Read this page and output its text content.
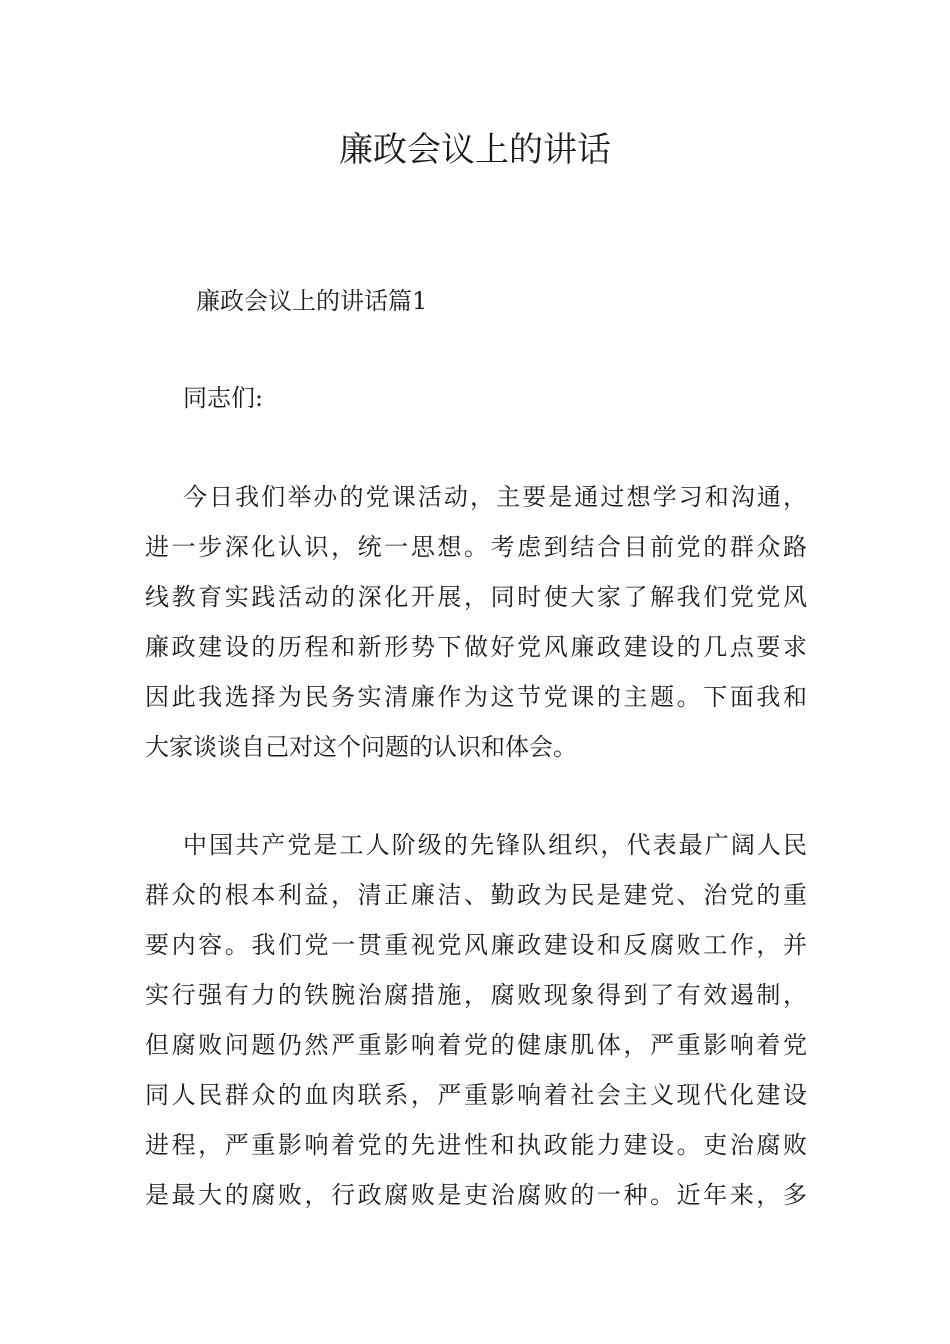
廉政会议上的讲话

廉政会议上的讲话篇1

同志们:

今日我们举办的党课活动，主要是通过想学习和沟通，
进一步深化认识，统一思想。考虑到结合目前党的群众路
线教育实践活动的深化开展，同时使大家了解我们党党风
廉政建设的历程和新形势下做好党风廉政建设的几点要求
因此我选择为民务实清廉作为这节党课的主题。下面我和
大家谈谈自己对这个问题的认识和体会。
中国共产党是工人阶级的先锋队组织，代表最广阔人民
群众的根本利益，清正廉洁、勤政为民是建党、治党的重
要内容。我们党一贯重视党风廉政建设和反腐败工作，并
实行强有力的铁腕治腐措施，腐败现象得到了有效遏制，
但腐败问题仍然严重影响着党的健康肌体，严重影响着党
同人民群众的血肉联系，严重影响着社会主义现代化建设
进程，严重影响着党的先进性和执政能力建设。吏治腐败
是最大的腐败，行政腐败是吏治腐败的一种。近年来，多
